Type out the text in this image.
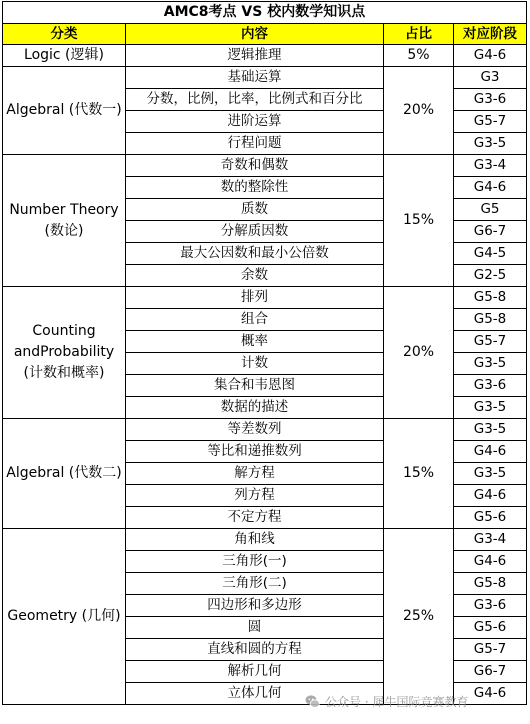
AMC8考点 VS 校内数学知识点			
分类	内容	占比	对应阶段
Logic (逻辑)	逻辑推理	5%	G4-6
Algebral (代数一)	基础运算	20%	G3
	分数，比例，比率，比例式和百分比		G3-6
	进阶运算		G5-7
	行程问题		G3-5
Number Theory (数论)	奇数和偶数	15%	G3-4
	数的整除性		G4-6
	质数		G5
	分解质因数		G6-7
	最大公因数和最小公倍数		G4-5
	余数		G2-5
Counting andProbability (计数和概率)	排列	20%	G5-8
	组合		G5-8
	概率		G5-7
	计数		G3-5
	集合和韦恩图		G3-6
	数据的描述		G3-5
Algebral (代数二)	等差数列	15%	G3-5
	等比和递推数列		G4-6
	解方程		G3-5
	列方程		G4-6
	不定方程		G5-6
Geometry (几何)	角和线	25%	G3-4
	三角形(一)		G4-6
	三角形(二)		G5-8
	四边形和多边形		G3-6
	圆		G5-6
	直线和圆的方程		G5-7
	解析几何		G6-7
	立体几何		G4-6
公众号 · 犀牛国际竞赛教育
